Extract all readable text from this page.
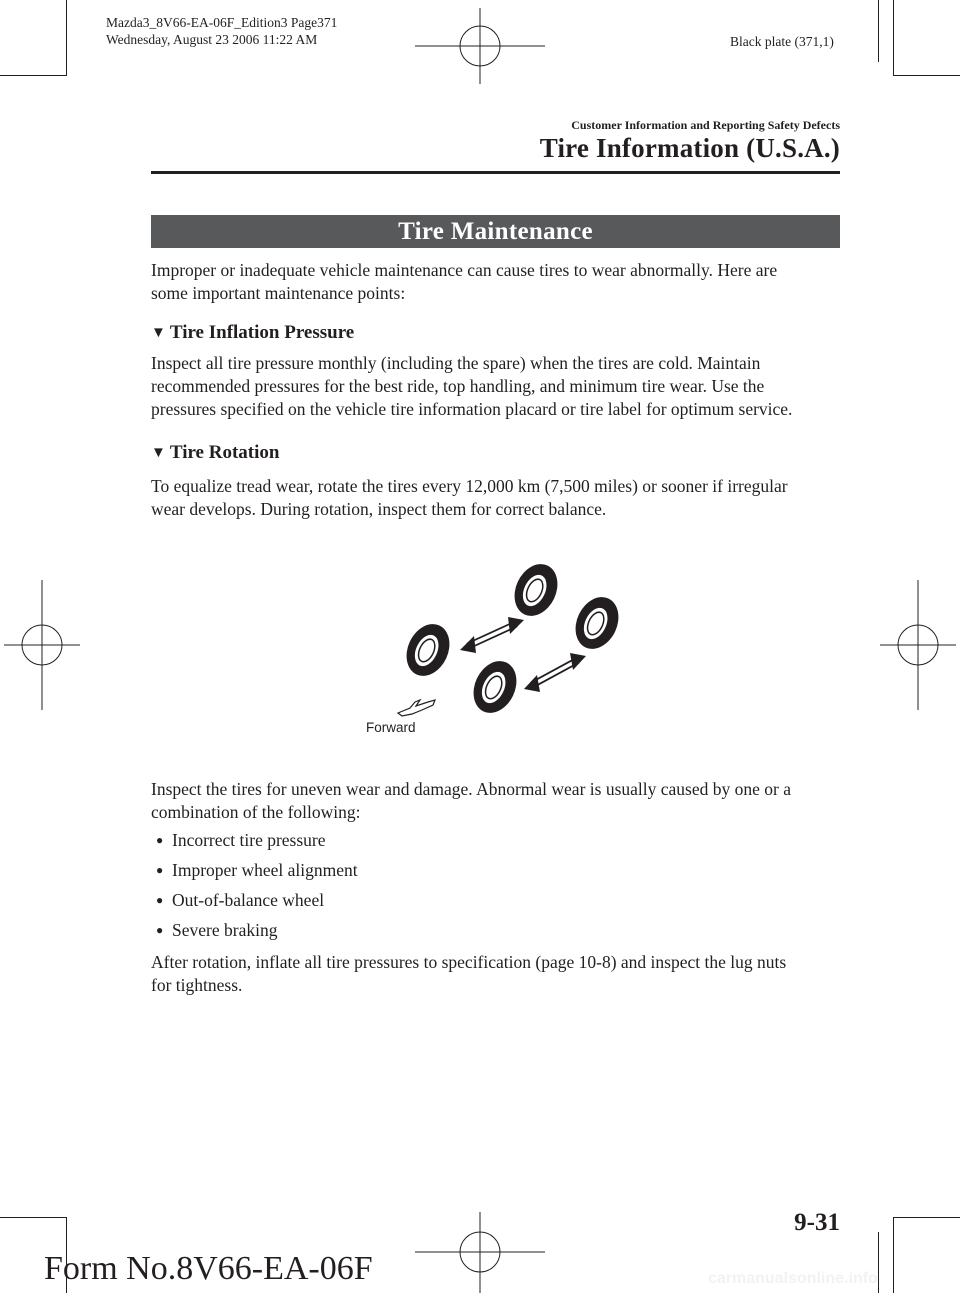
Mazda3_8V66-EA-06F_Edition3 Page371
Wednesday, August 23 2006 11:22 AM	Black plate (371,1)
Customer Information and Reporting Safety Defects
Tire Information (U.S.A.)
Tire Maintenance
Improper or inadequate vehicle maintenance can cause tires to wear abnormally. Here are
some important maintenance points:
▼ Tire Inflation Pressure
Inspect all tire pressure monthly (including the spare) when the tires are cold. Maintain
recommended pressures for the best ride, top handling, and minimum tire wear. Use the
pressures specified on the vehicle tire information placard or tire label for optimum service.
▼ Tire Rotation
To equalize tread wear, rotate the tires every 12,000 km (7,500 miles) or sooner if irregular
wear develops. During rotation, inspect them for correct balance.
Forward
Inspect the tires for uneven wear and damage. Abnormal wear is usually caused by one or a
combination of the following:
● Incorrect tire pressure
● Improper wheel alignment
● Out-of-balance wheel
● Severe braking
After rotation, inflate all tire pressures to specification (page 10-8) and inspect the lug nuts
for tightness.
9-31
Form No.8V66-EA-06F	carmanualsonline.info
